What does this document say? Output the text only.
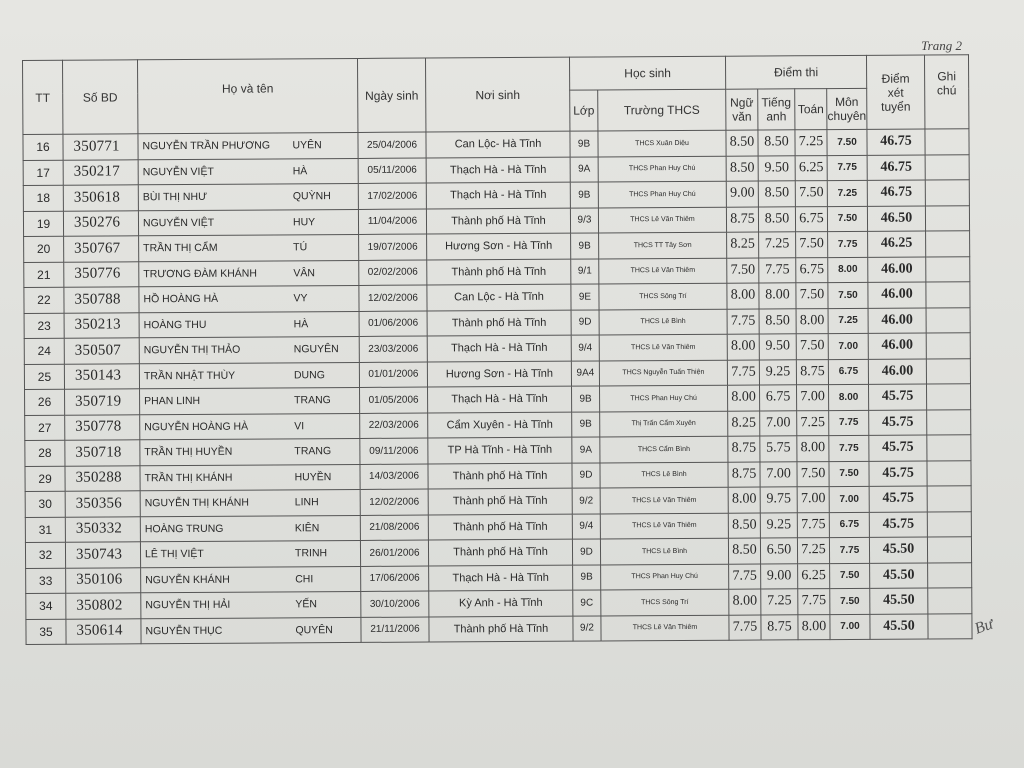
Trang 2
TT	Số BD	Họ và tên	Ngày sinh	Nơi sinh	Học sinh		Điểm thi				Điểm xét tuyển	Ghi chú
					Lớp	Trường THCS	Ngữ văn	Tiếng anh	Toán	Môn chuyên		
16	350771	NGUYỄN TRẦN PHƯƠNG UYÊN	25/04/2006	Can Lộc- Hà Tĩnh	9B	THCS Xuân Diệu	8.50	8.50	7.25	7.50	46.75	
17	350217	NGUYỄN VIỆT HÀ	05/11/2006	Thạch Hà - Hà Tĩnh	9A	THCS Phan Huy Chú	8.50	9.50	6.25	7.75	46.75	
18	350618	BÙI THỊ NHƯ QUỲNH	17/02/2006	Thạch Hà - Hà Tĩnh	9B	THCS Phan Huy Chú	9.00	8.50	7.50	7.25	46.75	
19	350276	NGUYỄN VIỆT HUY	11/04/2006	Thành phố Hà Tĩnh	9/3	THCS Lê Văn Thiêm	8.75	8.50	6.75	7.50	46.50	
20	350767	TRẦN THỊ CẨM TÚ	19/07/2006	Hương Sơn - Hà Tĩnh	9B	THCS TT Tây Sơn	8.25	7.25	7.50	7.75	46.25	
21	350776	TRƯƠNG ĐÀM KHÁNH VÂN	02/02/2006	Thành phố Hà Tĩnh	9/1	THCS Lê Văn Thiêm	7.50	7.75	6.75	8.00	46.00	
22	350788	HỒ HOÀNG HÀ VY	12/02/2006	Can Lộc - Hà Tĩnh	9E	THCS Sông Trí	8.00	8.00	7.50	7.50	46.00	
23	350213	HOÀNG THU HÀ	01/06/2006	Thành phố Hà Tĩnh	9D	THCS Lê Bình	7.75	8.50	8.00	7.25	46.00	
24	350507	NGUYỄN THỊ THẢO NGUYÊN	23/03/2006	Thạch Hà - Hà Tĩnh	9/4	THCS Lê Văn Thiêm	8.00	9.50	7.50	7.00	46.00	
25	350143	TRẦN NHẬT THÙY DUNG	01/01/2006	Hương Sơn - Hà Tĩnh	9A4	THCS Nguyễn Tuấn Thiện	7.75	9.25	8.75	6.75	46.00	
26	350719	PHAN LINH TRANG	01/05/2006	Thạch Hà - Hà Tĩnh	9B	THCS Phan Huy Chú	8.00	6.75	7.00	8.00	45.75	
27	350778	NGUYỄN HOÀNG HÀ VI	22/03/2006	Cẩm Xuyên - Hà Tĩnh	9B	Thị Trấn Cẩm Xuyên	8.25	7.00	7.25	7.75	45.75	
28	350718	TRẦN THỊ HUYỀN TRANG	09/11/2006	TP Hà Tĩnh - Hà Tĩnh	9A	THCS Cẩm Bình	8.75	5.75	8.00	7.75	45.75	
29	350288	TRẦN THỊ KHÁNH HUYỀN	14/03/2006	Thành phố Hà Tĩnh	9D	THCS Lê Bình	8.75	7.00	7.50	7.50	45.75	
30	350356	NGUYỄN THỊ KHÁNH LINH	12/02/2006	Thành phố Hà Tĩnh	9/2	THCS Lê Văn Thiêm	8.00	9.75	7.00	7.00	45.75	
31	350332	HOÀNG TRUNG KIÊN	21/08/2006	Thành phố Hà Tĩnh	9/4	THCS Lê Văn Thiêm	8.50	9.25	7.75	6.75	45.75	
32	350743	LÊ THỊ VIỆT TRINH	26/01/2006	Thành phố Hà Tĩnh	9D	THCS Lê Bình	8.50	6.50	7.25	7.75	45.50	
33	350106	NGUYỄN KHÁNH CHI	17/06/2006	Thạch Hà - Hà Tĩnh	9B	THCS Phan Huy Chú	7.75	9.00	6.25	7.50	45.50	
34	350802	NGUYỄN THỊ HẢI YẾN	30/10/2006	Kỳ Anh - Hà Tĩnh	9C	THCS Sông Trí	8.00	7.25	7.75	7.50	45.50	
35	350614	NGUYỄN THỤC QUYÊN	21/11/2006	Thành phố Hà Tĩnh	9/2	THCS Lê Văn Thiêm	7.75	8.75	8.00	7.00	45.50		Bư
